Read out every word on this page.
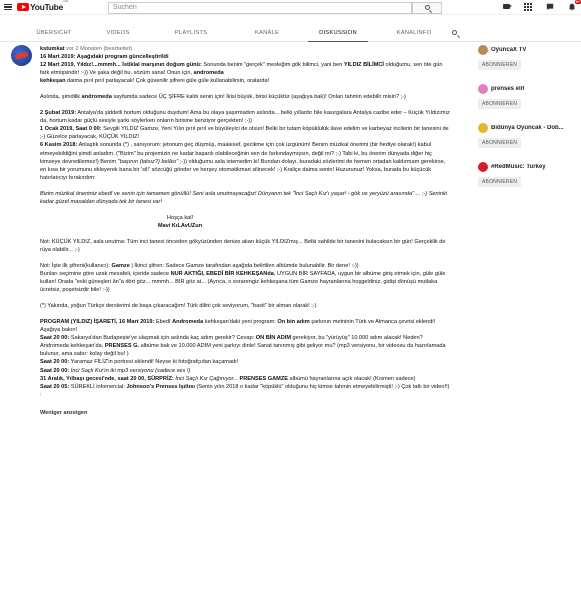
YouTube
DE
Suchen
9+
ÜBERSICHT	VIDEOS	PLAYLISTS	KANÄLE	DISKUSSION	KANALINFO

kstumkat vor 2 Monaten (bearbeitet)

16 Mart 2019: Aşağıdaki program güncelleştirildi

12 Mart 2019, Yıldız!...mmmh... İstiklal marşının doğum günü: Sonunda benim "gerçek" mesleğim gök bilimci, yani ben YILDIZ BİLİMCİ olduğumu, sen öte gün fark etmişsindir! :-)) Ve şaka değil bu, sözüm sana! Onun için, andromeda
kehkeşan daima pırıl pırıl parlayacak! Çok güvenilir şifreni güle güle kullanabilirsin, oralarda!

Aslında, şimdilik andromeda sayfamda sadece ÜÇ ŞİFRE kaldı senin için! İkisi büyük, birisi küçüktür (aşağıya bak)! Onları tahmin edebilir misin? ;-)

2 Şubat 2019: Antalya'da şiddetli hortum olduğunu duydum! Ama bu olaya şaşırmadım aslında... belki yıllardır bile kasırgalara Antalya cazibe eder – Küçük Yıldızımız da, hortum kadar güçlü sesiyle şarkı söylerken onların birisine benziyor gerçekten! ;-))

1 Ocak 2019, Saat 0 00: Sevgili YILDIZ Gamze, Yeni Yılın pırıl pırıl ve büyüleyici de olsun! Belki bir tutam köpüklülük ilave edelim ve karbeyaz incilerin bir tanesini de ;-) Güzelce parlayacak, KÜÇÜK YILDIZ!

6 Kasim 2018: Anlaştık sonunda (*) , sanıyorum: jetonum geç düşmüş, maalesef, gecikme için çok üzgünüm! Benim müzikal önerimi (bir hediye olarak!) kabul etmeyebildiğini şimdi anladım. ("Bizim" bu projemizin ne kadar başarılı olabileceğinin sen de farkındaymışsın, değil mi? ;-) Tabi ki, bu önerim dünyada diğer hiç kimseye devredilemez!) Benim "başının (tatsız?) belâsı" ;-)) olduğumu asla istemedim ki! Bundan dolayı, buradaki sözlerimi de hemen ortadan kaldırmam gerekirse, en kısa bir yorumunu ekleyerek bana bir 'sil!' sözcüğü gönder ve herşey otomatikman silinecek! ;-) Kraliçe daima senin! Huzurunuz! Yoksa, burada bu küçücük hatırlatıcıyı bırakırdım:

Bizim müzikal önerimiz ebedî ve senin için tamamen gönüllü! Seni asla unutmayacağız! Dünyanın tek "İnci Saçlı Kız'ı yaşar! - gök ve yeryüzü arasında" ... ;-) Seninki kadar güzel masaldan dünyada tek bir tanesi var!

Hoşça kal!

Mavi KıLAvUZun

Not: KÜÇÜK YILDIZ, asla unutma: Tüm inci tanesi önceden gökyüzünden denize akan küçük YILDIZmış... Belki sahilde bir tanesini bulacaksın bir gün! Gerçeklik de rüya olabilir... ;-)

Not: İşte ilk şifreni(kullanıcı): Gamze | İkinci şifren: Sadece Gamze tarafından aşağıda belirtilen albümde bulunabilir. Bir dene! :-))

Bunları seçimine göre uzak mesafeli, içeride sadece NUR AKTIĞI, EBEDÎ BİR KEHKEŞANda, UYGUN BİR SAYFADA, uygun bir albüme giriş etmek için, güle güle kullan! Orada "eski güneşleri ân"a dört göz... mmmh... BİR göz at... (Ayrıca, o esrarengiz kehkeşana tüm Gamze hayranlarına hoşgeldiniz, gidişi dönüşü mutlaka ücretsiz, poşetsizdir bile! :-))

(*) Yakında, yoğun Türkçe derslerimi de başa çıkaracağım! Türk dilini çok seviyorum, "basit" bir alman olarak! ;-)

PROGRAM (YILDIZ) İŞARETİ, 16 Mart 2019: Ebedî Andromeda kehkeşan'daki yeni program: On bin adım şarkının metninin Türk ve Almanca çevrisi eklendi! Aşağıya bakın!

Saat 20 00: Sakarya'dan Budapeşte'ye ulaşmak için aslında kaç adım gerekir? Cevap: ON BİN ADIM gerekiyor, bu "yürüyüş" 10.000 adım alacak! Neden? Andromeda kehkeşan'da, PRENSES G. albüme bak ve 10.000 ADIM yeni şarkıyı dinle! Sanat tanınmış gibi geliyor mu? (mp3 versiyonu, bir videosu da hazırlamada bulunur, ama sabır: kolay değil bu! )

Saat 20 00: Yaramaz FİLİZ'in portresi eklendi! Neyse ki fotoğrafçıdan kaçamadı!

Saat 20 00: İnci Saçlı Kız'ın iki mp3 versiyonu (sadece ses !)

31 Aralık, Yılbaşı gecesi'nde, saat 20 00, SÜRPRİZ: İnci Saçlı Kız Çağınıyor... PRENSES GAMZE albümü hayranlarına açık olacak! (Kısmen sadece)

Saat 20 05: SÜREKLİ infomercial: Johnson's Prenses Işıltısı (Senin yılın 2018 o kadar "köpüklü" olduğunu hiç kimse tahmin etmeyebilirmişti! ;-) Çok tatlı bir video!!)

:

Weniger anzeigen

OyuncaX TV
ABONNIEREN
prenses elif
ABONNIEREN
Bidünya Oyuncak - Dob...
ABONNIEREN
#RedMusic: Turkey
ABONNIEREN
